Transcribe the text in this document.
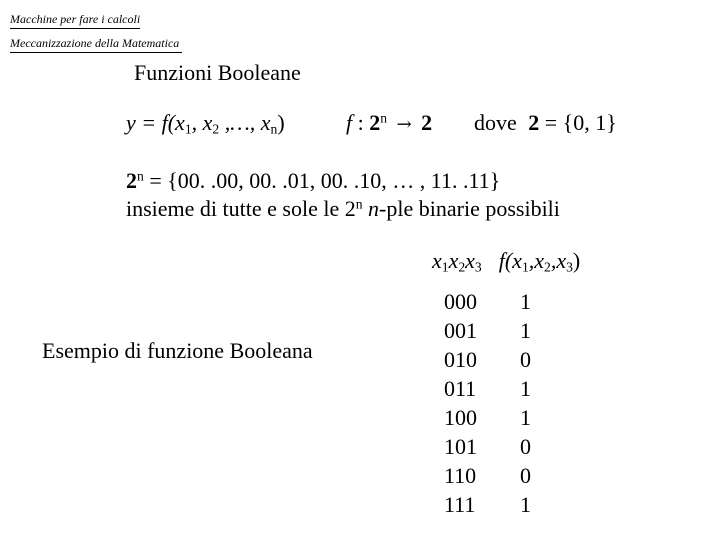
Macchine per fare i calcoli
Meccanizzazione della Matematica
Funzioni Booleane
$y = f(x_1$, $x_2$ ,…, $x_n$)	f : $2^n \to 2$ dove 2 = {0, 1}
$2^n = \{00$. .00, 00. .01, 00. .10, … , 11. .11}
insieme di tutte e sole le 2$^n$ n-ple binarie possibili
$x_1x_2x_3$ $f(x_1,x_2,x_3)$
Esempio di funzione Booleana
000 1
001 1
010 0
011 1
100 1
101 0
110 0
111 1
